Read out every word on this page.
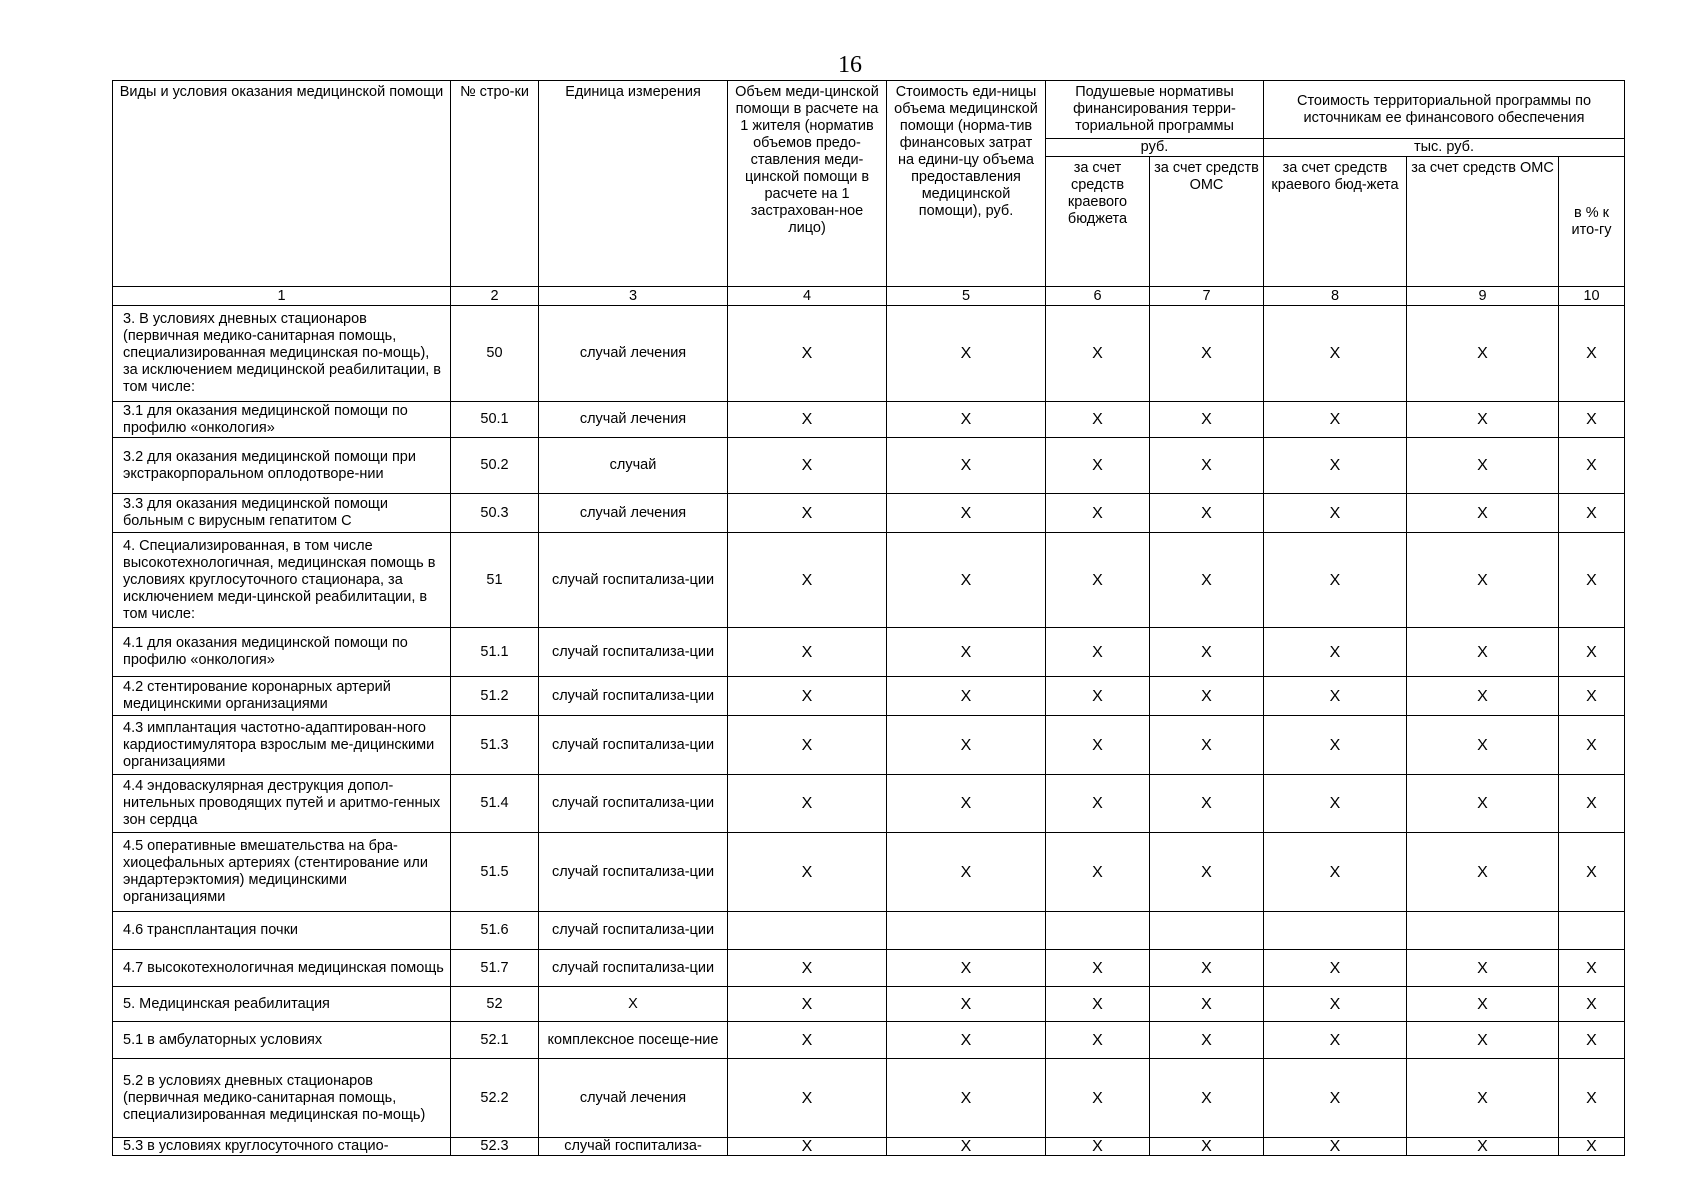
16
Виды и условия оказания медицинской помощи	№ стро-ки	Единица измерения	Объем меди-цинской помощи в расчете на 1 жителя (норматив объемов предо-ставления меди-цинской помощи в расчете на 1 застрахован-ное лицо)	Стоимость еди-ницы объема медицинской помощи (норма-тив финансовых затрат на едини-цу объема предоставления медицинской помощи), руб.	Подушевые нормативы финансирования терри-ториальной программы		Стоимость территориальной программы по источникам ее финансового обеспечения		
					руб.		тыс. руб.		
					за счет средств краевого бюджета	за счет средств ОМС	за счет средств краевого бюд-жета	за счет средств ОМС	в % к ито-гу
1	2	3	4	5	6	7	8	9	10
3. В условиях дневных стационаров (первичная медико-санитарная помощь, специализированная медицинская по-мощь), за исключением медицинской реабилитации, в том числе:	50	случай лечения	Х	Х	Х	Х	Х	Х	Х
3.1 для оказания медицинской помощи по профилю «онкология»	50.1	случай лечения	Х	Х	Х	Х	Х	Х	Х
3.2 для оказания медицинской помощи при экстракорпоральном оплодотворе-нии	50.2	случай	Х	Х	Х	Х	Х	Х	Х
3.3 для оказания медицинской помощи больным с вирусным гепатитом С	50.3	случай лечения	Х	Х	Х	Х	Х	Х	Х
4. Специализированная, в том числе высокотехнологичная, медицинская помощь в условиях круглосуточного стационара, за исключением меди-цинской реабилитации, в том числе:	51	случай госпитализа-ции	Х	Х	Х	Х	Х	Х	Х
4.1 для оказания медицинской помощи по профилю «онкология»	51.1	случай госпитализа-ции	Х	Х	Х	Х	Х	Х	Х
4.2 стентирование коронарных артерий медицинскими организациями	51.2	случай госпитализа-ции	Х	Х	Х	Х	Х	Х	Х
4.3 имплантация частотно-адаптирован-ного кардиостимулятора взрослым ме-дицинскими организациями	51.3	случай госпитализа-ции	Х	Х	Х	Х	Х	Х	Х
4.4 эндоваскулярная деструкция допол-нительных проводящих путей и аритмо-генных зон сердца	51.4	случай госпитализа-ции	Х	Х	Х	Х	Х	Х	Х
4.5 оперативные вмешательства на бра-хиоцефальных артериях (стентирование или эндартерэктомия) медицинскими организациями	51.5	случай госпитализа-ции	Х	Х	Х	Х	Х	Х	Х
4.6 трансплантация почки	51.6	случай госпитализа-ции							
4.7 высокотехнологичная медицинская помощь	51.7	случай госпитализа-ции	Х	Х	Х	Х	Х	Х	Х
5. Медицинская реабилитация	52	Х	Х	Х	Х	Х	Х	Х	Х
5.1 в амбулаторных условиях	52.1	комплексное посеще-ние	Х	Х	Х	Х	Х	Х	Х
5.2 в условиях дневных стационаров (первичная медико-санитарная помощь, специализированная медицинская по-мощь)	52.2	случай лечения	Х	Х	Х	Х	Х	Х	Х
5.3 в условиях круглосуточного стацио-	52.3	случай госпитализа-	Х	Х	Х	Х	Х	Х	Х
